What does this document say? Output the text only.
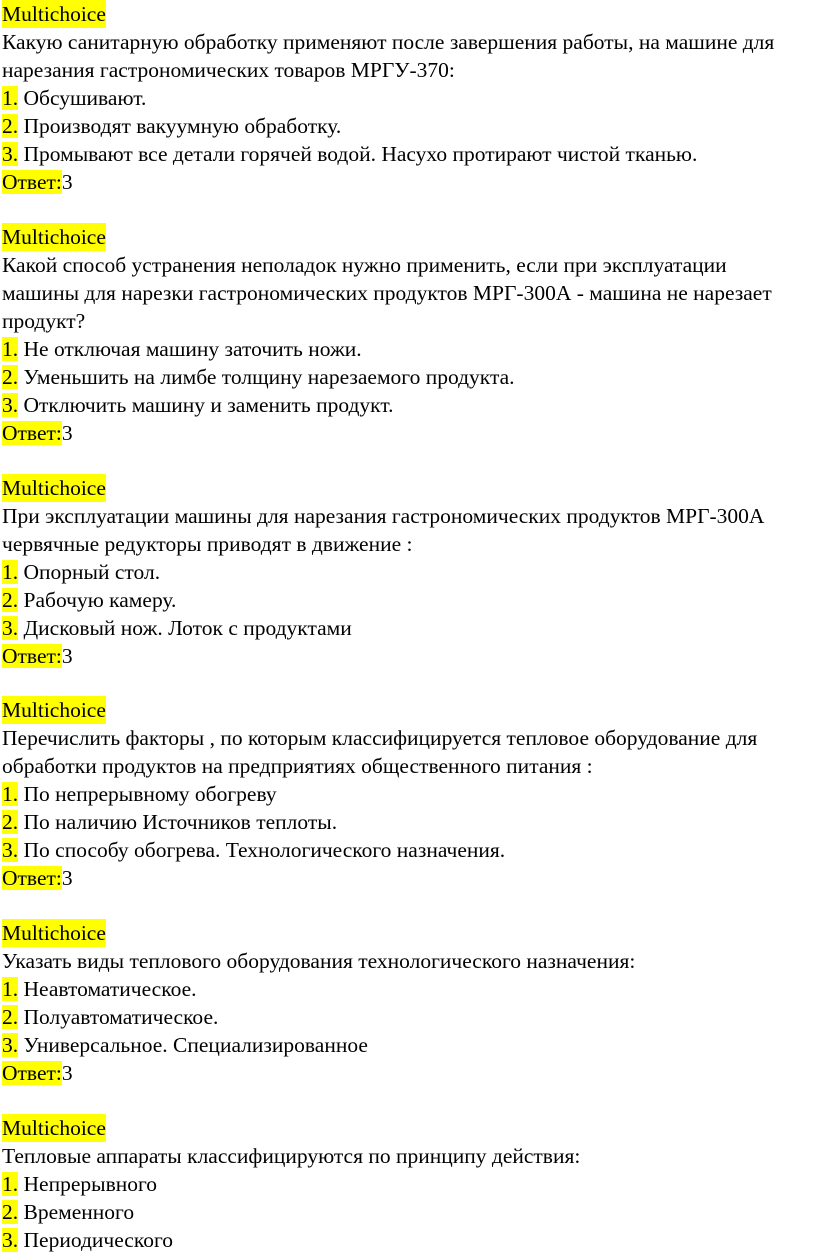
Multichoice
Какую санитарную обработку применяют после завершения работы, на машине для нарезания гастрономических товаров МРГУ-370:
1. Обсушивают.
2. Производят вакуумную обработку.
3. Промывают все детали горячей водой. Насухо протирают чистой тканью.
Ответ:3
Multichoice
Какой способ устранения неполадок нужно применить, если при эксплуатации машины для нарезки гастрономических продуктов МРГ-300А - машина не нарезает продукт?
1. Не отключая машину заточить ножи.
2. Уменьшить на лимбе толщину нарезаемого продукта.
3. Отключить машину и заменить продукт.
Ответ:3
Multichoice
При эксплуатации машины для нарезания гастрономических продуктов МРГ-300А червячные редукторы приводят в движение :
1. Опорный стол.
2. Рабочую камеру.
3. Дисковый нож. Лоток с продуктами
Ответ:3
Multichoice
Перечислить факторы , по которым классифицируется тепловое оборудование для обработки продуктов на предприятиях общественного питания :
1. По непрерывному обогреву
2. По наличию Источников теплоты.
3. По способу обогрева. Технологического назначения.
Ответ:3
Multichoice
Указать виды теплового оборудования технологического назначения:
1. Неавтоматическое.
2. Полуавтоматическое.
3. Универсальное. Специализированное
Ответ:3
Multichoice
Тепловые аппараты классифицируются по принципу действия:
1. Непрерывного
2. Временного
3. Периодического
